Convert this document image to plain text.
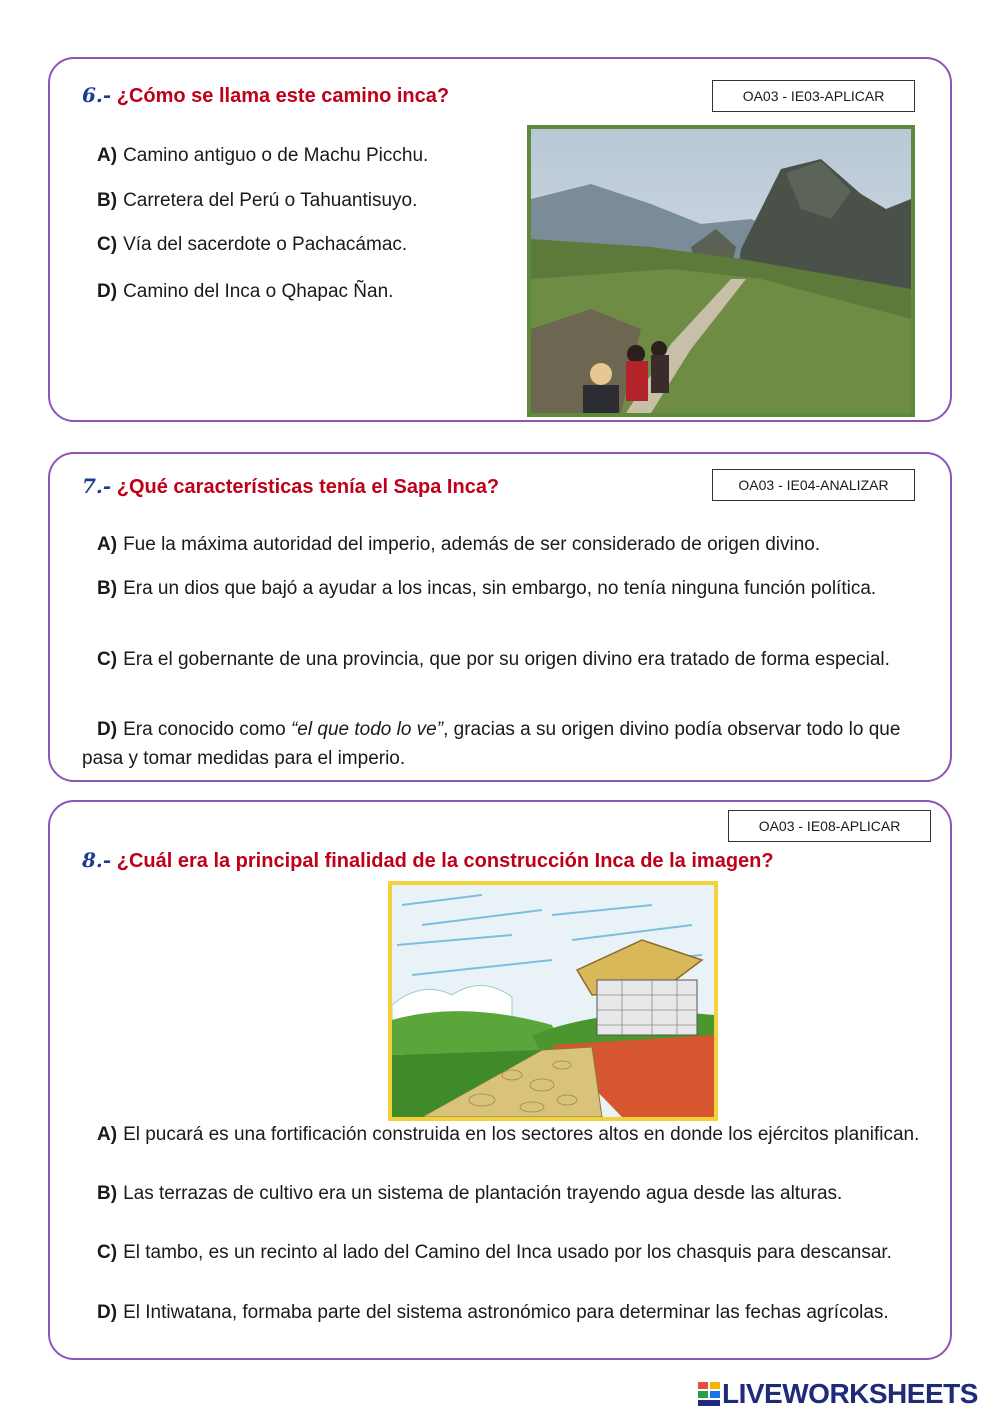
6.- ¿Cómo se llama este camino inca?	OA03 - IE03-APLICAR
A) Camino antiguo o de Machu Picchu.
B) Carretera del Perú o Tahuantisuyo.
C) Vía del sacerdote o Pachacámac.
D) Camino del Inca o Qhapac Ñan.
7.- ¿Qué características tenía el Sapa Inca?	OA03 - IE04-ANALIZAR
A) Fue la máxima autoridad del imperio, además de ser considerado de origen divino.
B) Era un dios que bajó a ayudar a los incas, sin embargo, no tenía ninguna función política.
C) Era el gobernante de una provincia, que por su origen divino era tratado de forma especial.
D) Era conocido como “el que todo lo ve”, gracias a su origen divino podía observar todo lo que pasa y tomar medidas para el imperio.
OA03 - IE08-APLICAR
8.- ¿Cuál era la principal finalidad de la construcción Inca de la imagen?
A) El pucará es una fortificación construida en los sectores altos en donde los ejércitos planifican.
B) Las terrazas de cultivo era un sistema de plantación trayendo agua desde las alturas.
C) El tambo, es un recinto al lado del Camino del Inca usado por los chasquis para descansar.
D) El Intiwatana, formaba parte del sistema astronómico para determinar las fechas agrícolas.
LIVEWORKSHEETS
